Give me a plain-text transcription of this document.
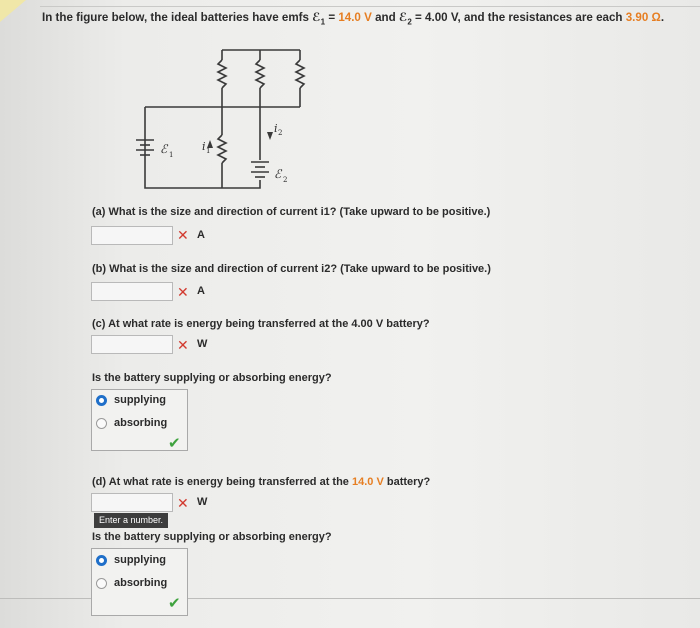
In the figure below, the ideal batteries have emfs ℰ$_1$ = 14.0 V and ℰ$_2$ = 4.00 V, and the resistances are each 3.90 Ω.
ℰ 1
ℰ 2
i 1
i 2
(a) What is the size and direction of current i1? (Take upward to be positive.)
✕ A
(b) What is the size and direction of current i2? (Take upward to be positive.)
✕ A
(c) At what rate is energy being transferred at the 4.00 V battery?
✕ W
Is the battery supplying or absorbing energy?
supplying
absorbing
✔
(d) At what rate is energy being transferred at the 14.0 V battery?
✕ W
Enter a number.
Is the battery supplying or absorbing energy?
supplying
absorbing
✔
